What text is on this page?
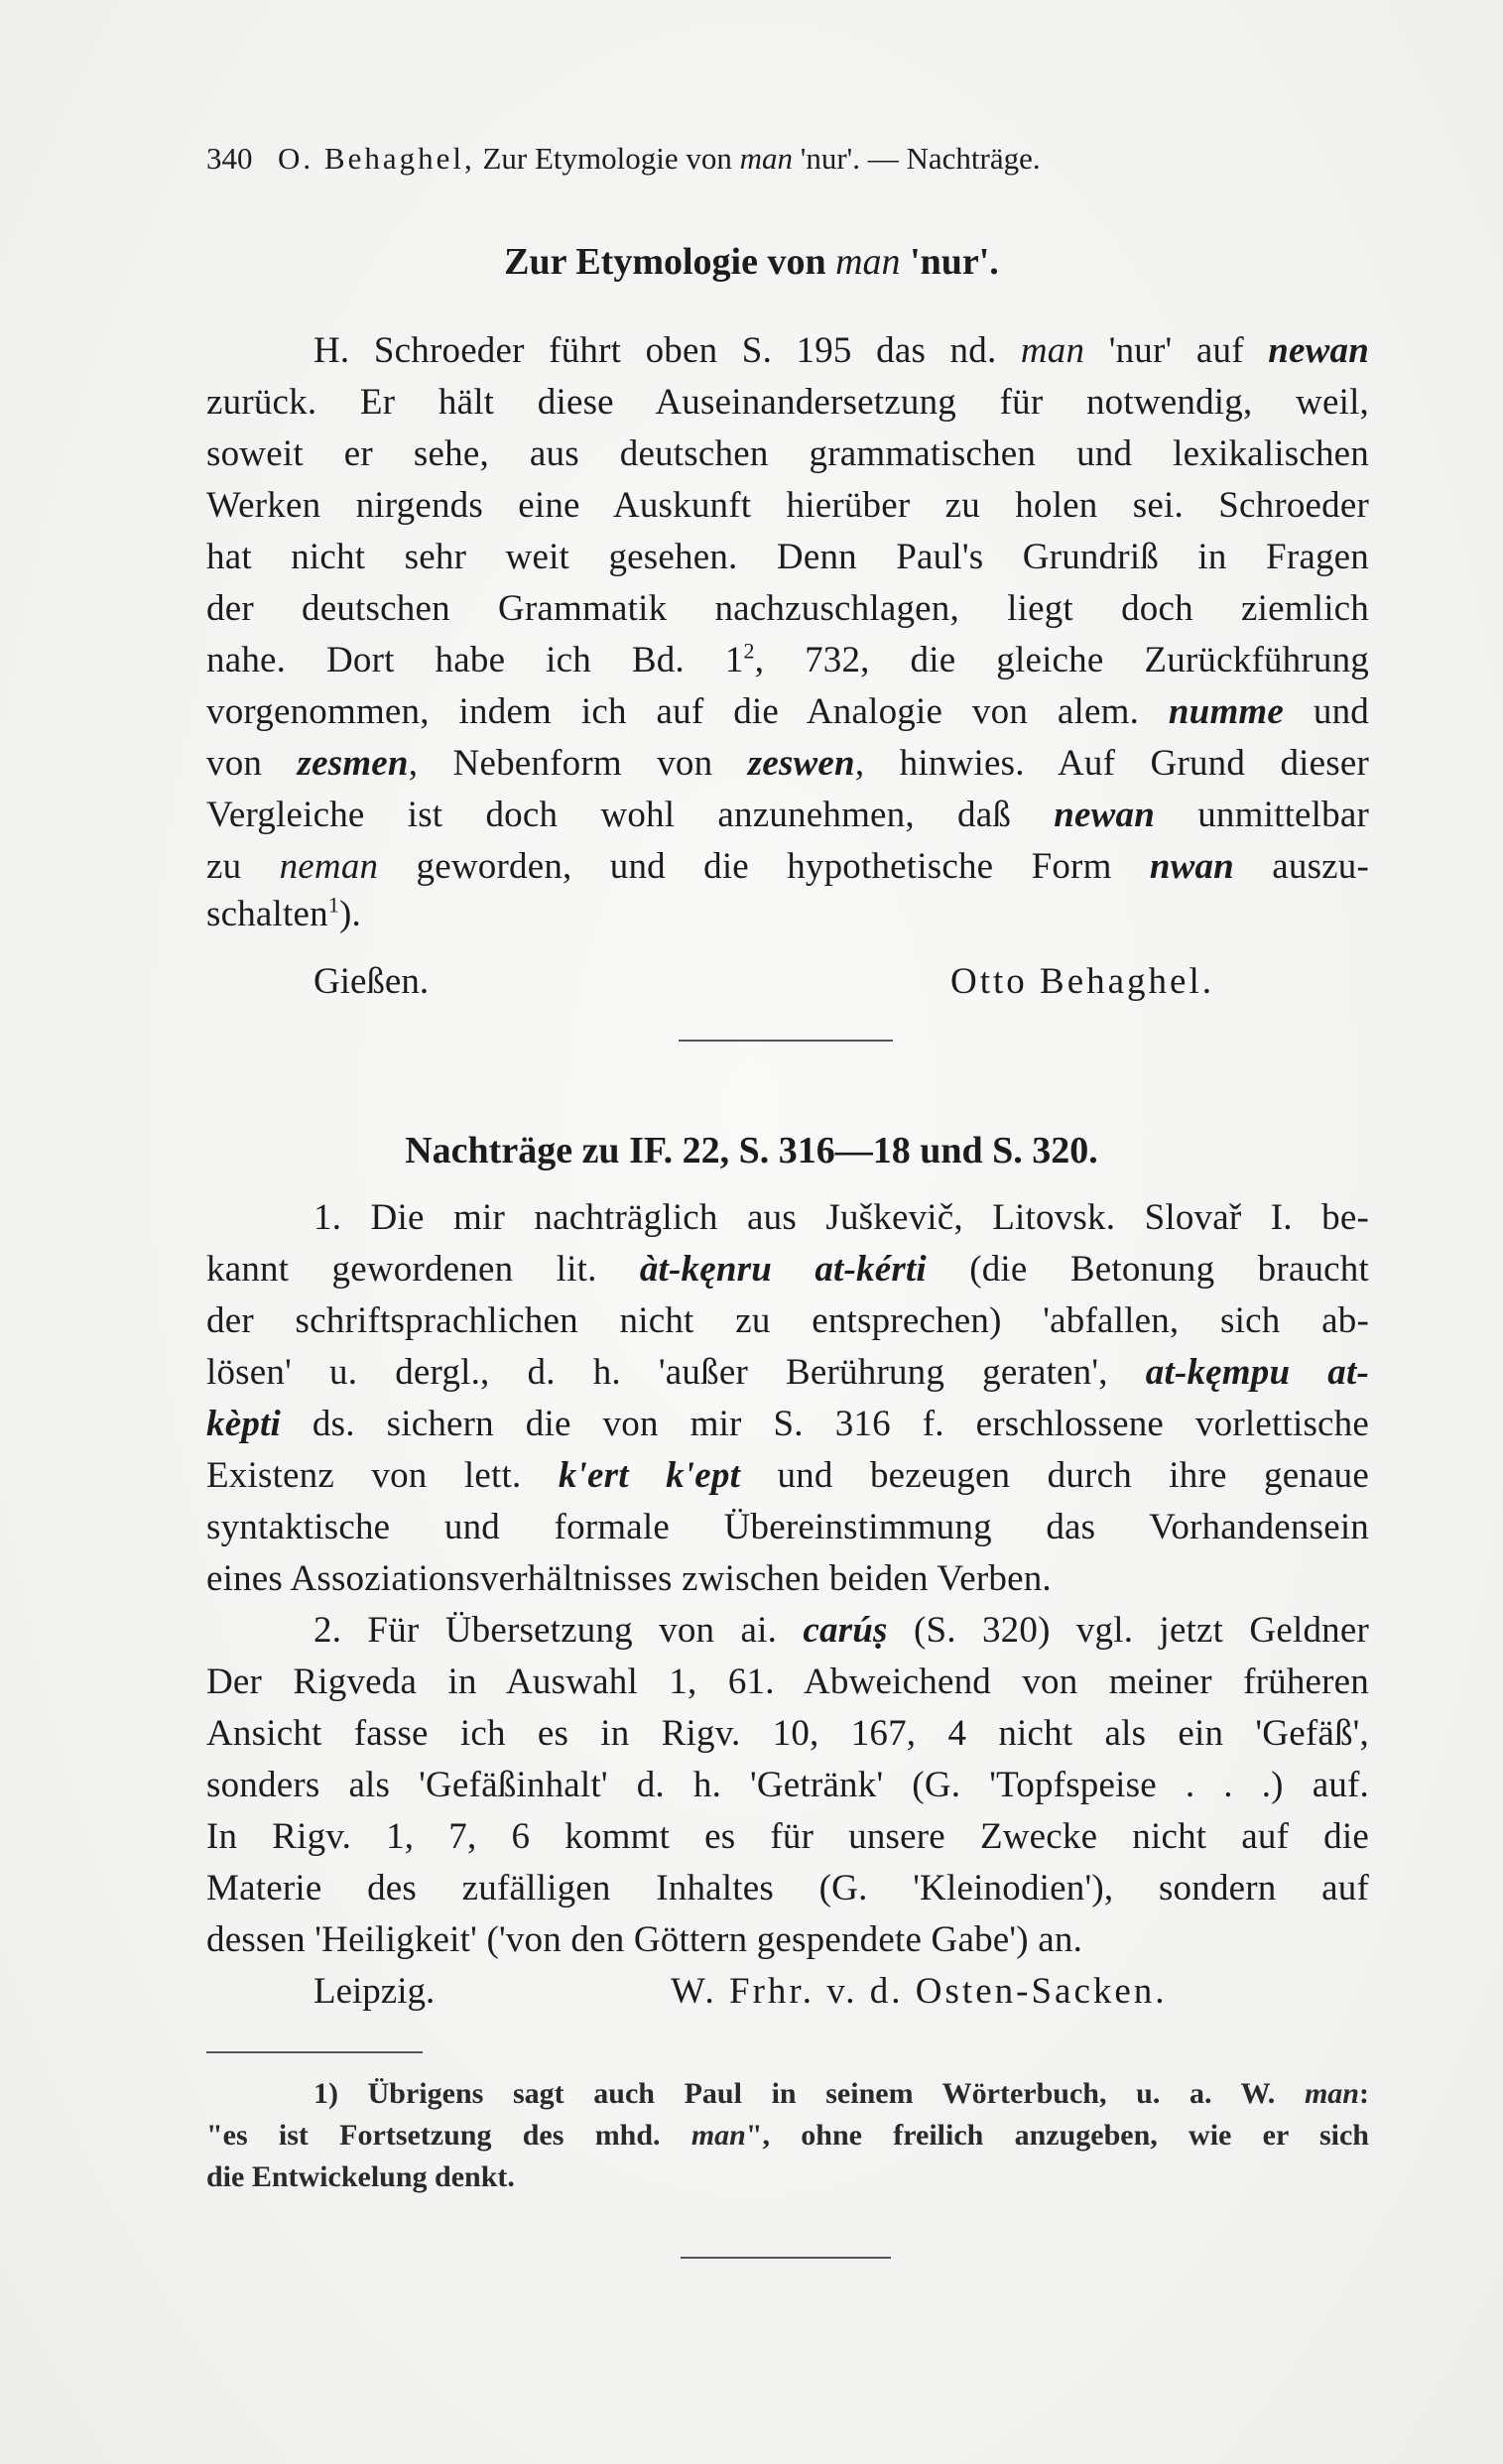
340 O. Behaghel, Zur Etymologie von man 'nur'. — Nachträge.
Zur Etymologie von man 'nur'.
H. Schroeder führt oben S. 195 das nd. man 'nur' auf newan
zurück. Er hält diese Auseinandersetzung für notwendig, weil,
soweit er sehe, aus deutschen grammatischen und lexikalischen
Werken nirgends eine Auskunft hierüber zu holen sei. Schroeder
hat nicht sehr weit gesehen. Denn Paul's Grundriß in Fragen
der deutschen Grammatik nachzuschlagen, liegt doch ziemlich
nahe. Dort habe ich Bd. $1^2$, 732, die gleiche Zurückführung
vorgenommen, indem ich auf die Analogie von alem. numme und
von zesmen, Nebenform von zeswen, hinwies. Auf Grund dieser
Vergleiche ist doch wohl anzunehmen, daß newan unmittelbar
zu neman geworden, und die hypothetische Form nwan auszu-
schalten$^1$).
Gießen.	Otto Behaghel.
Nachträge zu IF. 22, S. 316—18 und S. 320.
1. Die mir nachträglich aus Juškevič, Litovsk. Slovař I. be-
kannt gewordenen lit. àt-kęnru at-kérti (die Betonung braucht
der schriftsprachlichen nicht zu entsprechen) 'abfallen, sich ab-
lösen' u. dergl., d. h. 'außer Berührung geraten', at-kęmpu at-
kèpti ds. sichern die von mir S. 316 f. erschlossene vorlettische
Existenz von lett. k'ert k'ept und bezeugen durch ihre genaue
syntaktische und formale Übereinstimmung das Vorhandensein
eines Assoziationsverhältnisses zwischen beiden Verben.
2. Für Übersetzung von ai. carúṣ (S. 320) vgl. jetzt Geldner
Der Rigveda in Auswahl 1, 61. Abweichend von meiner früheren
Ansicht fasse ich es in Rigv. 10, 167, 4 nicht als ein 'Gefäß',
sonders als 'Gefäßinhalt' d. h. 'Getränk' (G. 'Topfspeise . . .) auf.
In Rigv. 1, 7, 6 kommt es für unsere Zwecke nicht auf die
Materie des zufälligen Inhaltes (G. 'Kleinodien'), sondern auf
dessen 'Heiligkeit' ('von den Göttern gespendete Gabe') an.
Leipzig.	W. Frhr. v. d. Osten-Sacken.
1) Übrigens sagt auch Paul in seinem Wörterbuch, u. a. W. man:
"es ist Fortsetzung des mhd. man", ohne freilich anzugeben, wie er sich
die Entwickelung denkt.
